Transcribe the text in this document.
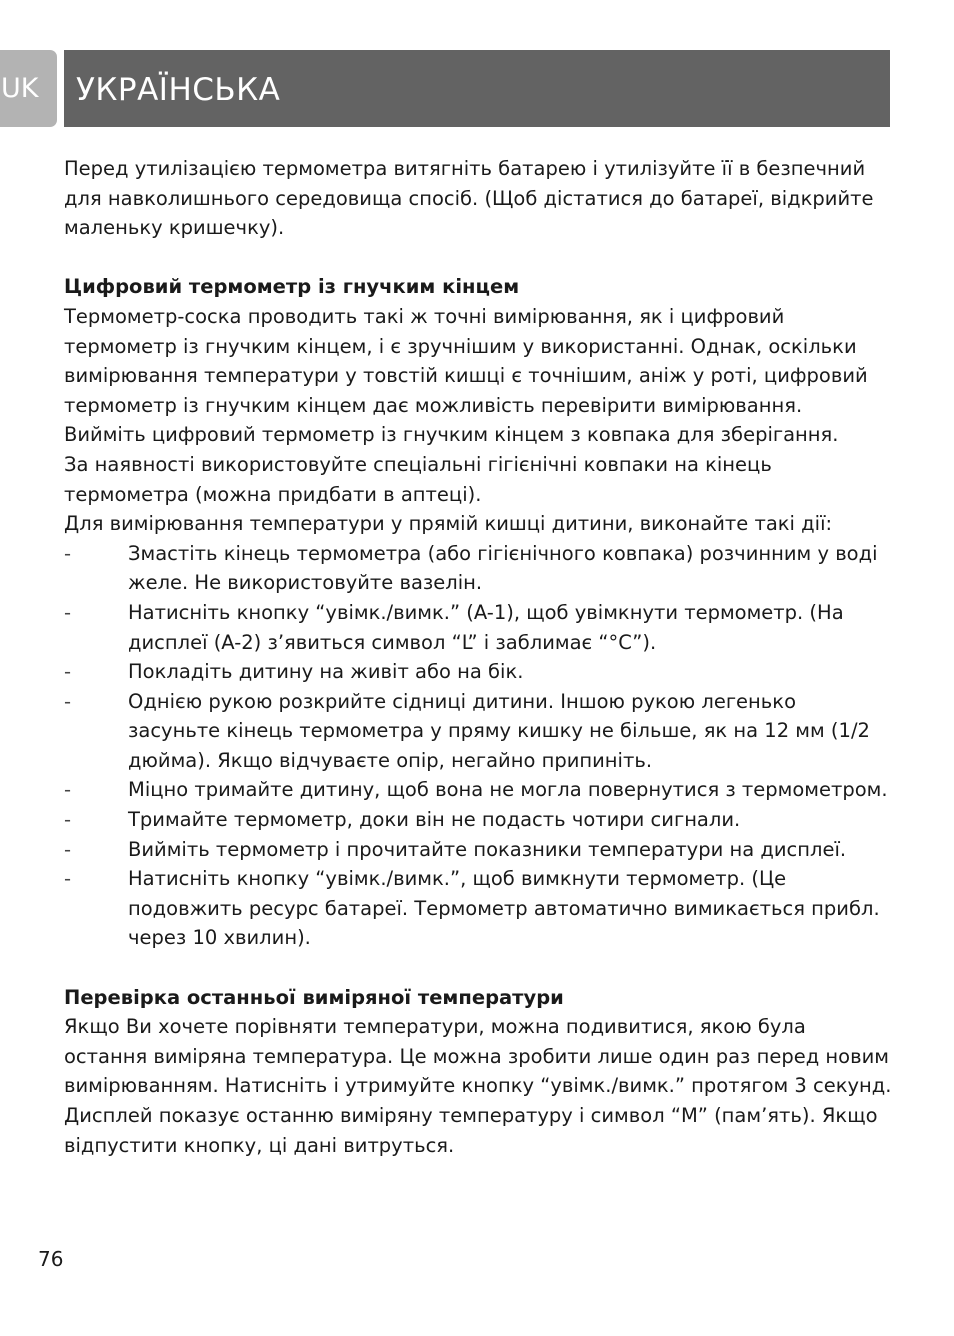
UK	УКРАЇНСЬКА

Перед утилізацією термометра витягніть батарею і утилізуйте її в безпечний для навколишнього середовища спосіб. (Щоб дістатися до батареї, відкрийте маленьку кришечку).

Цифровий термометр із гнучким кінцем

Термометр-соска проводить такі ж точні вимірювання, як і цифровий термометр із гнучким кінцем, і є зручнішим у використанні. Однак, оскільки вимірювання температури у товстій кишці є точнішим, аніж у роті, цифровий термометр із гнучким кінцем дає можливість перевірити вимірювання.

Вийміть цифровий термометр із гнучким кінцем з ковпака для зберігання.

За наявності використовуйте спеціальні гігієнічні ковпаки на кінець термометра (можна придбати в аптеці).

Для вимірювання температури у прямій кишці дитини, виконайте такі дії:

-	Змастіть кінець термометра (або гігієнічного ковпака) розчинним у воді желе. Не використовуйте вазелін.
-	Натисніть кнопку “увімк./вимк.” (A-1), щоб увімкнути термометр. (На дисплеї (A-2) з’явиться символ “L” і заблимає “°C”).
-	Покладіть дитину на живіт або на бік.
-	Однією рукою розкрийте сідниці дитини. Іншою рукою легенько засуньте кінець термометра у пряму кишку не більше, як на 12 мм (1/2 дюйма). Якщо відчуваєте опір, негайно припиніть.
-	Міцно тримайте дитину, щоб вона не могла повернутися з термометром.
-	Тримайте термометр, доки він не подасть чотири сигнали.
-	Вийміть термометр і прочитайте показники температури на дисплеї.
-	Натисніть кнопку “увімк./вимк.”, щоб вимкнути термометр. (Це подовжить ресурс батареї. Термометр автоматично вимикається прибл. через 10 хвилин).

Перевірка останньої виміряної температури

Якщо Ви хочете порівняти температури, можна подивитися, якою була остання виміряна температура. Це можна зробити лише один раз перед новим вимірюванням. Натисніть і утримуйте кнопку “увімк./вимк.” протягом 3 секунд. Дисплей показує останню виміряну температуру і символ “M” (пам’ять). Якщо відпустити кнопку, ці дані витруться.

76
